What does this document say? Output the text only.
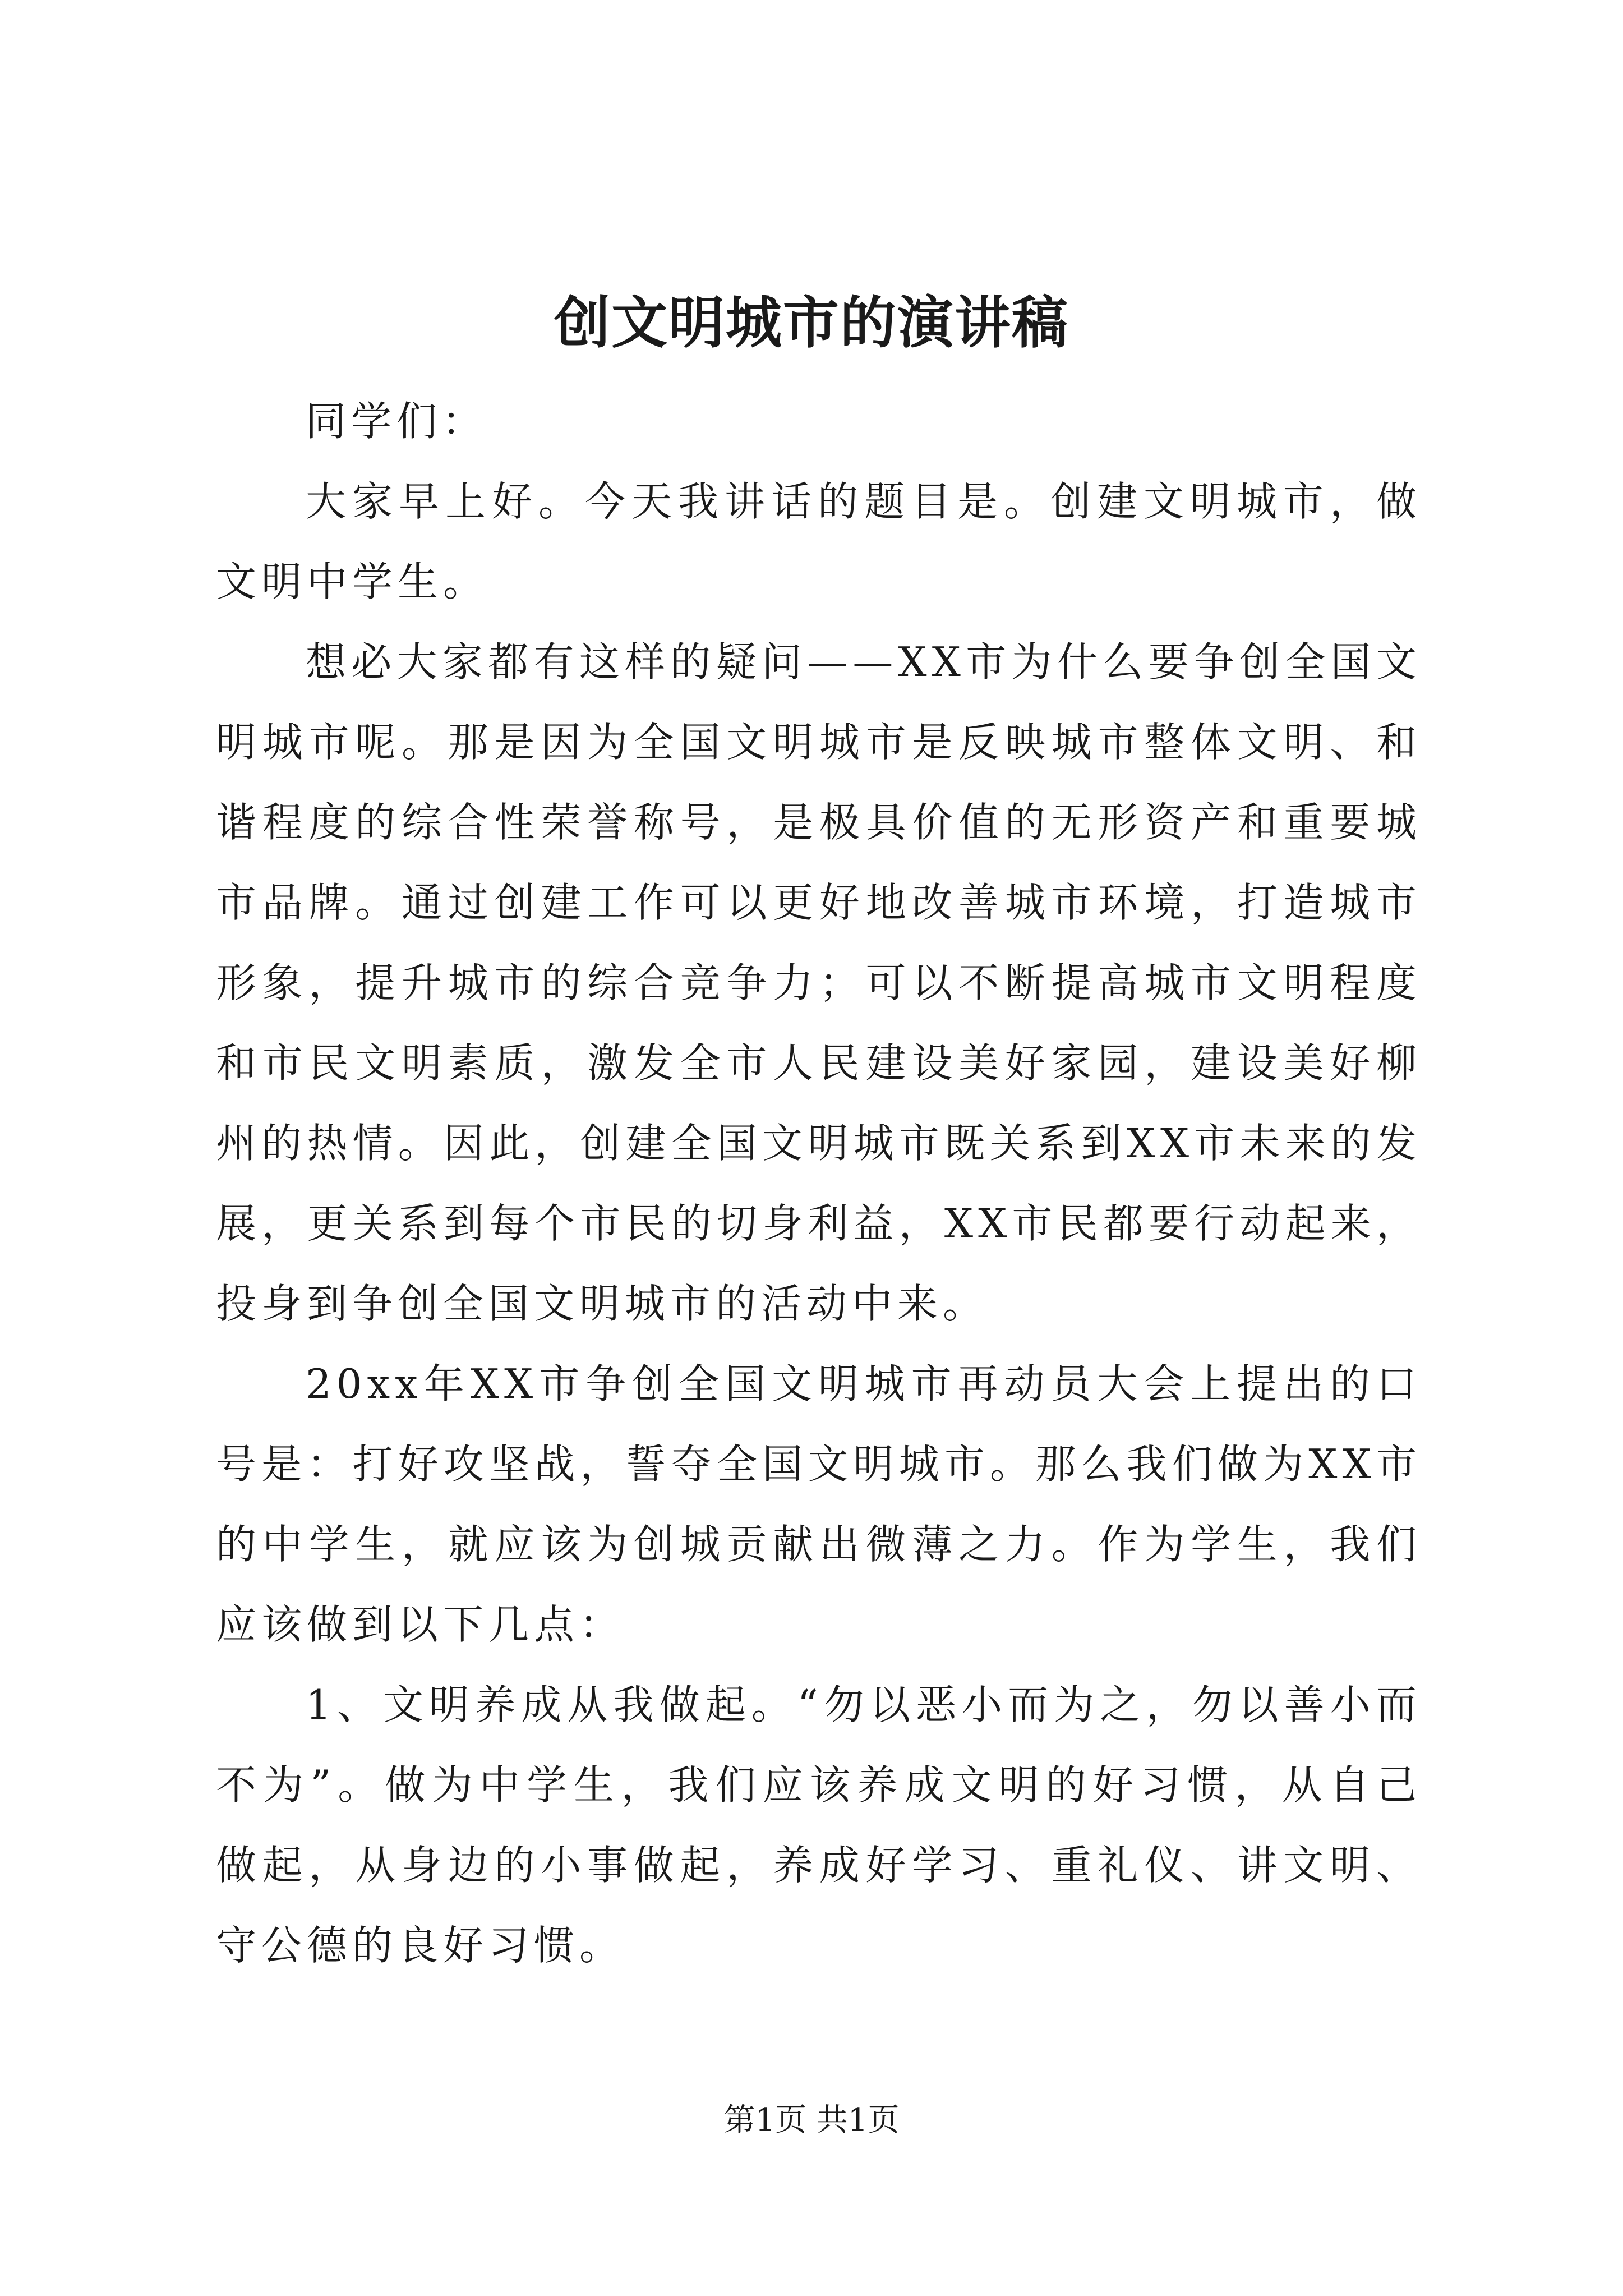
创文明城市的演讲稿

同学们：

大家早上好。今天我讲话的题目是。创建文明城市，做文明中学生。

想必大家都有这样的疑问——XX市为什么要争创全国文明城市呢。那是因为全国文明城市是反映城市整体文明、和谐程度的综合性荣誉称号，是极具价值的无形资产和重要城市品牌。通过创建工作可以更好地改善城市环境，打造城市形象，提升城市的综合竞争力；可以不断提高城市文明程度和市民文明素质，激发全市人民建设美好家园，建设美好柳州的热情。因此，创建全国文明城市既关系到XX市未来的发展，更关系到每个市民的切身利益，XX市民都要行动起来，投身到争创全国文明城市的活动中来。

20xx年XX市争创全国文明城市再动员大会上提出的口号是：打好攻坚战，誓夺全国文明城市。那么我们做为XX市的中学生，就应该为创城贡献出微薄之力。作为学生，我们应该做到以下几点：

1、文明养成从我做起。“勿以恶小而为之，勿以善小而不为”。做为中学生，我们应该养成文明的好习惯，从自己做起，从身边的小事做起，养成好学习、重礼仪、讲文明、守公德的良好习惯。

第1页 共1页
